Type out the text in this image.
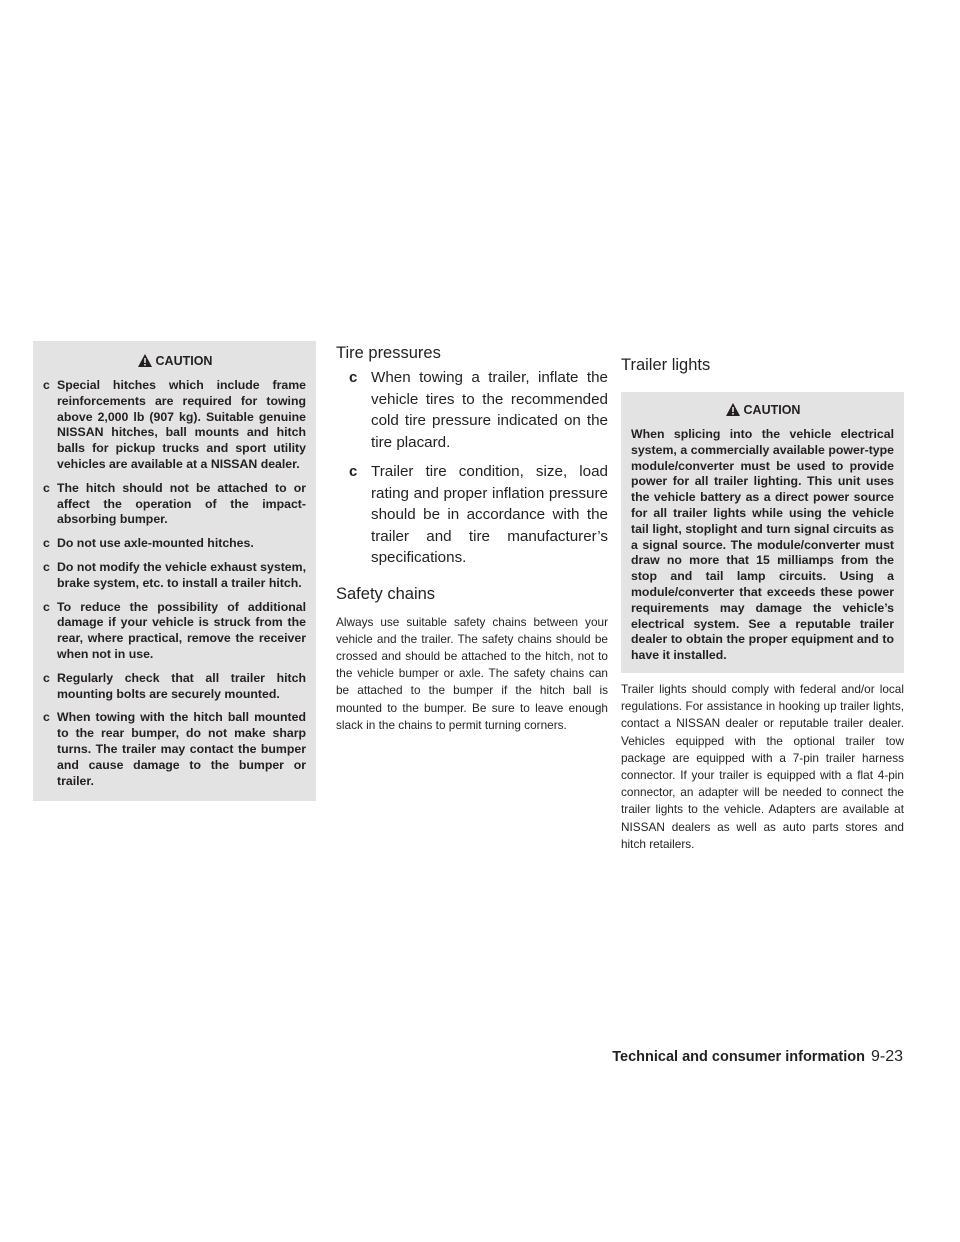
CAUTION
c Special hitches which include frame reinforcements are required for towing above 2,000 lb (907 kg). Suitable genuine NISSAN hitches, ball mounts and hitch balls for pickup trucks and sport utility vehicles are available at a NISSAN dealer.
c The hitch should not be attached to or affect the operation of the impact-absorbing bumper.
c Do not use axle-mounted hitches.
c Do not modify the vehicle exhaust system, brake system, etc. to install a trailer hitch.
c To reduce the possibility of additional damage if your vehicle is struck from the rear, where practical, remove the receiver when not in use.
c Regularly check that all trailer hitch mounting bolts are securely mounted.
c When towing with the hitch ball mounted to the rear bumper, do not make sharp turns. The trailer may contact the bumper and cause damage to the bumper or trailer.
Tire pressures
c When towing a trailer, inflate the vehicle tires to the recommended cold tire pressure indicated on the tire placard.
c Trailer tire condition, size, load rating and proper inflation pressure should be in accordance with the trailer and tire manufacturer’s specifications.
Safety chains

Always use suitable safety chains between your vehicle and the trailer. The safety chains should be crossed and should be attached to the hitch, not to the vehicle bumper or axle. The safety chains can be attached to the bumper if the hitch ball is mounted to the bumper. Be sure to leave enough slack in the chains to permit turning corners.

Trailer lights
CAUTION

When splicing into the vehicle electrical system, a commercially available power-type module/converter must be used to provide power for all trailer lighting. This unit uses the vehicle battery as a direct power source for all trailer lights while using the vehicle tail light, stoplight and turn signal circuits as a signal source. The module/converter must draw no more that 15 milliamps from the stop and tail lamp circuits. Using a module/converter that exceeds these power requirements may damage the vehicle’s electrical system. See a reputable trailer dealer to obtain the proper equipment and to have it installed.

Trailer lights should comply with federal and/or local regulations. For assistance in hooking up trailer lights, contact a NISSAN dealer or reputable trailer dealer. Vehicles equipped with the optional trailer tow package are equipped with a 7-pin trailer harness connector. If your trailer is equipped with a flat 4-pin connector, an adapter will be needed to connect the trailer lights to the vehicle. Adapters are available at NISSAN dealers as well as auto parts stores and hitch retailers.

Technical and consumer information 9-23
